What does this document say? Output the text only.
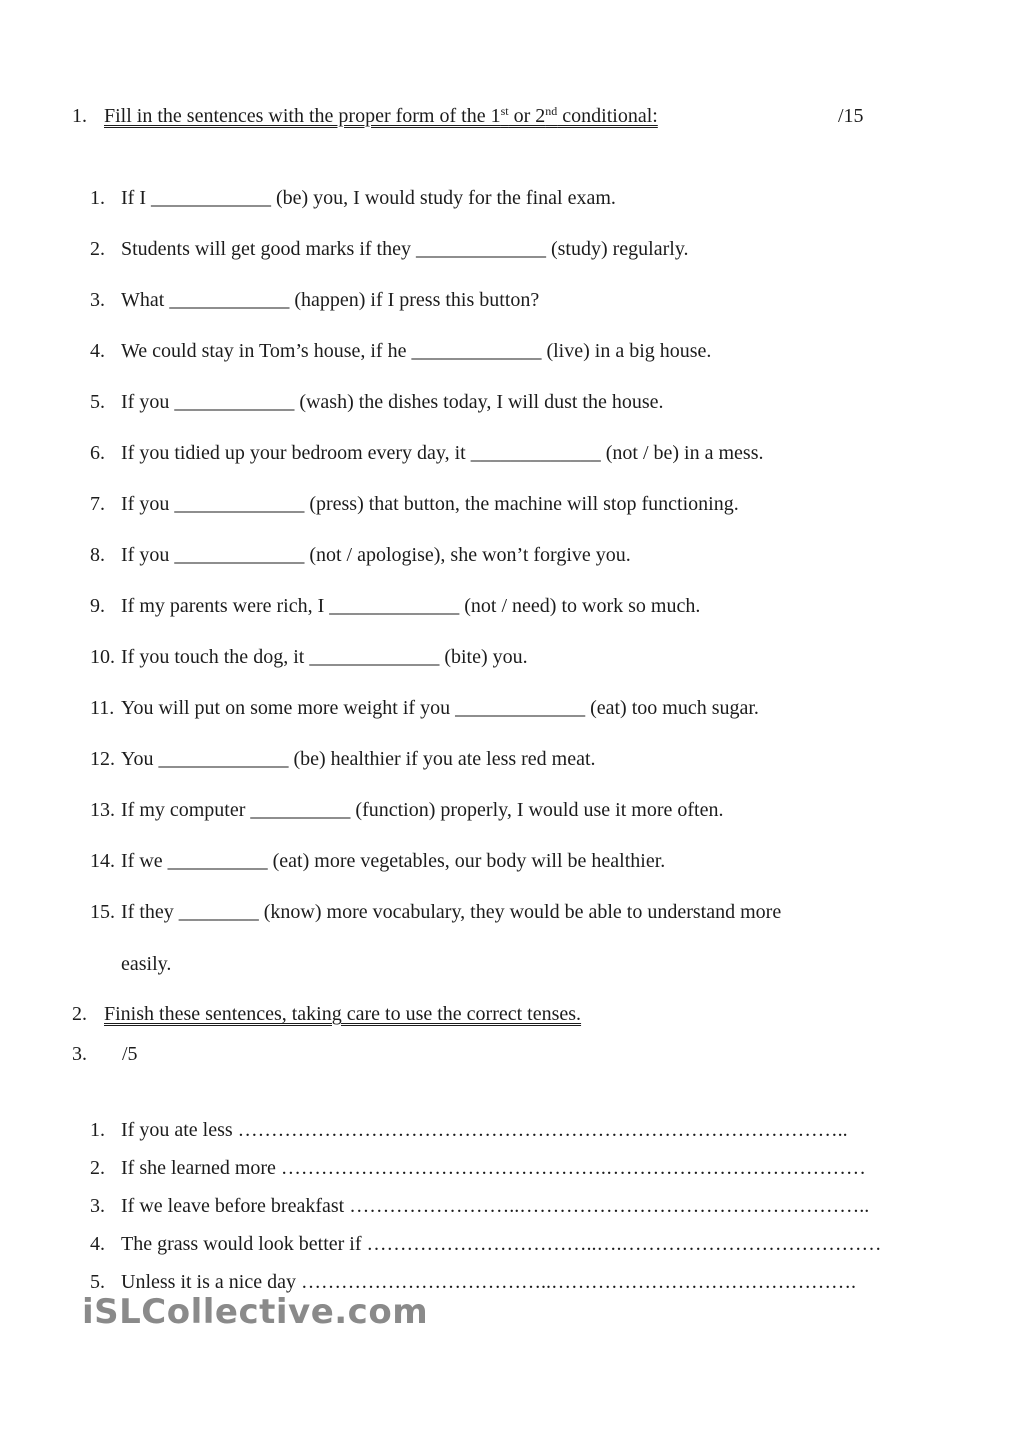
1. Fill in the sentences with the proper form of the 1st or 2nd conditional:	/15
1. If I ____________ (be) you, I would study for the final exam.
2. Students will get good marks if they _____________ (study) regularly.
3. What ____________ (happen) if I press this button?
4. We could stay in Tom’s house, if he _____________ (live) in a big house.
5. If you ____________ (wash) the dishes today, I will dust the house.
6. If you tidied up your bedroom every day, it _____________ (not / be) in a mess.
7. If you _____________ (press) that button, the machine will stop functioning.
8. If you _____________ (not / apologise), she won’t forgive you.
9. If my parents were rich, I _____________ (not / need) to work so much.
10. If you touch the dog, it _____________ (bite) you.
11. You will put on some more weight if you _____________ (eat) too much sugar.
12. You _____________ (be) healthier if you ate less red meat.
13. If my computer __________ (function) properly, I would use it more often.
14. If we __________ (eat) more vegetables, our body will be healthier.
15. If they ________ (know) more vocabulary, they would be able to understand more
easily.
2. Finish these sentences, taking care to use the correct tenses.
3. /5
1. If you ate less ………………………………………………………………………………..
2. If she learned more ………………………………………….…………………………………
3. If we leave before breakfast ……………………..……………………………………………..
4. The grass would look better if ……………………………..….…………………………………
5. Unless it is a nice day ………………………………..……………………………………….
iSLCollective.com
